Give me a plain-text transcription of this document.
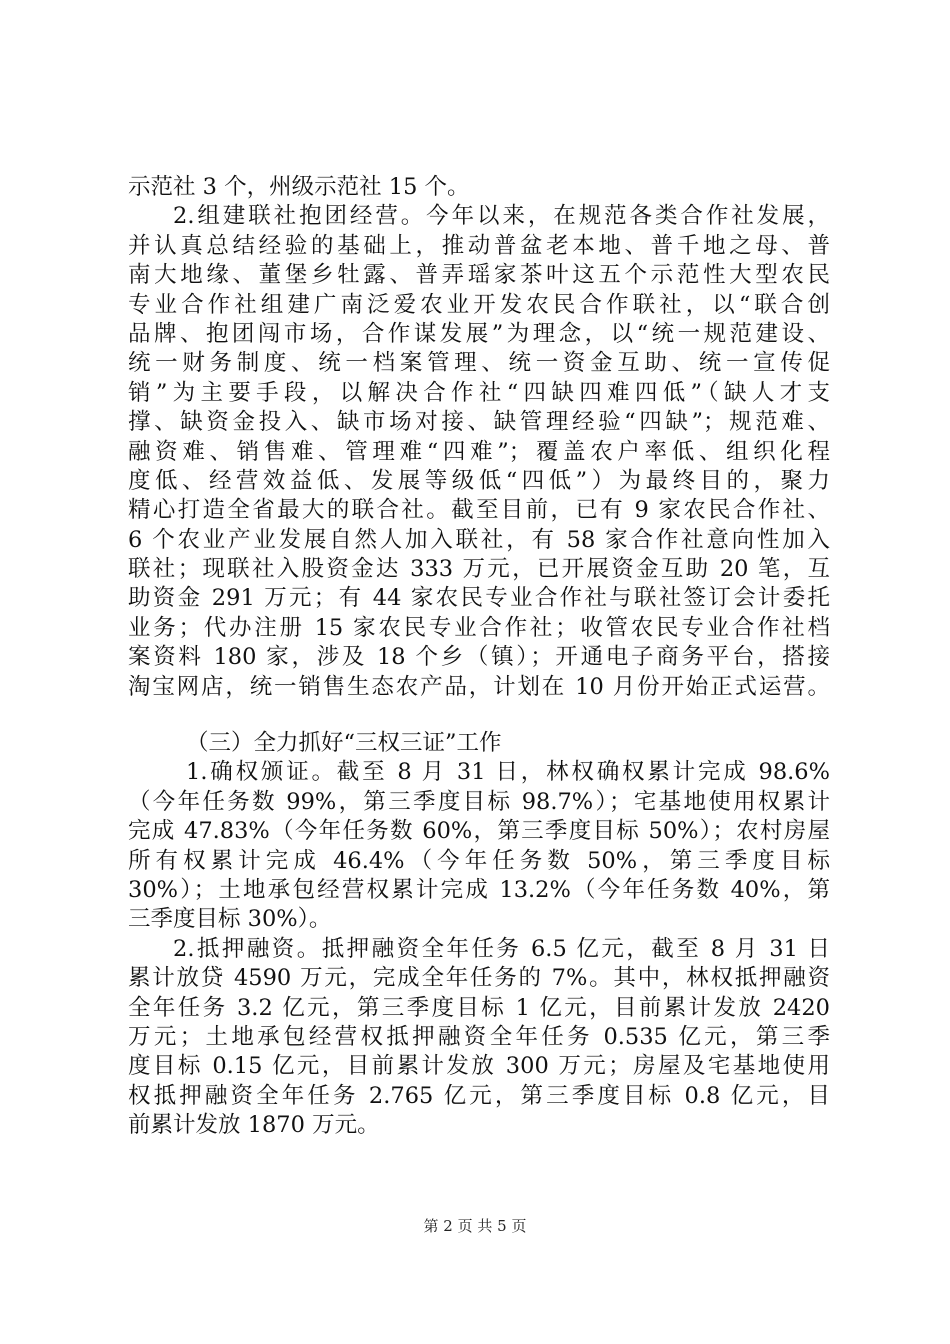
示范社 3 个，州级示范社 15 个。
2.组建联社抱团经营。今年以来，在规范各类合作社发展，
并认真总结经验的基础上，推动普盆老本地、普千地之母、普
南大地缘、董堡乡牡露、普弄瑶家茶叶这五个示范性大型农民
专业合作社组建广南泛爱农业开发农民合作联社，以“联合创
品牌、抱团闯市场，合作谋发展”为理念，以“统一规范建设、
统一财务制度、统一档案管理、统一资金互助、统一宣传促
销”为主要手段，以解决合作社“四缺四难四低”（缺人才支
撑、缺资金投入、缺市场对接、缺管理经验“四缺”；规范难、
融资难、销售难、管理难“四难”；覆盖农户率低、组织化程
度低、经营效益低、发展等级低“四低”）为最终目的，聚力
精心打造全省最大的联合社。截至目前，已有 9 家农民合作社、
6 个农业产业发展自然人加入联社，有 58 家合作社意向性加入
联社；现联社入股资金达 333 万元，已开展资金互助 20 笔，互
助资金 291 万元；有 44 家农民专业合作社与联社签订会计委托
业务；代办注册 15 家农民专业合作社；收管农民专业合作社档
案资料 180 家，涉及 18 个乡（镇）；开通电子商务平台，搭接
淘宝网店，统一销售生态农产品，计划在 10 月份开始正式运营。
（三）全力抓好“三权三证”工作
1.确权颁证。截至 8 月 31 日，林权确权累计完成 98.6%
（今年任务数 99%，第三季度目标 98.7%）；宅基地使用权累计
完成 47.83%（今年任务数 60%，第三季度目标 50%）；农村房屋
所有权累计完成 46.4%（今年任务数 50%，第三季度目标
30%）；土地承包经营权累计完成 13.2%（今年任务数 40%，第
三季度目标 30%）。
2.抵押融资。抵押融资全年任务 6.5 亿元，截至 8 月 31 日
累计放贷 4590 万元，完成全年任务的 7%。其中，林权抵押融资
全年任务 3.2 亿元，第三季度目标 1 亿元，目前累计发放 2420
万元；土地承包经营权抵押融资全年任务 0.535 亿元，第三季
度目标 0.15 亿元，目前累计发放 300 万元；房屋及宅基地使用
权抵押融资全年任务 2.765 亿元，第三季度目标 0.8 亿元，目
前累计发放 1870 万元。
第 2 页 共 5 页
